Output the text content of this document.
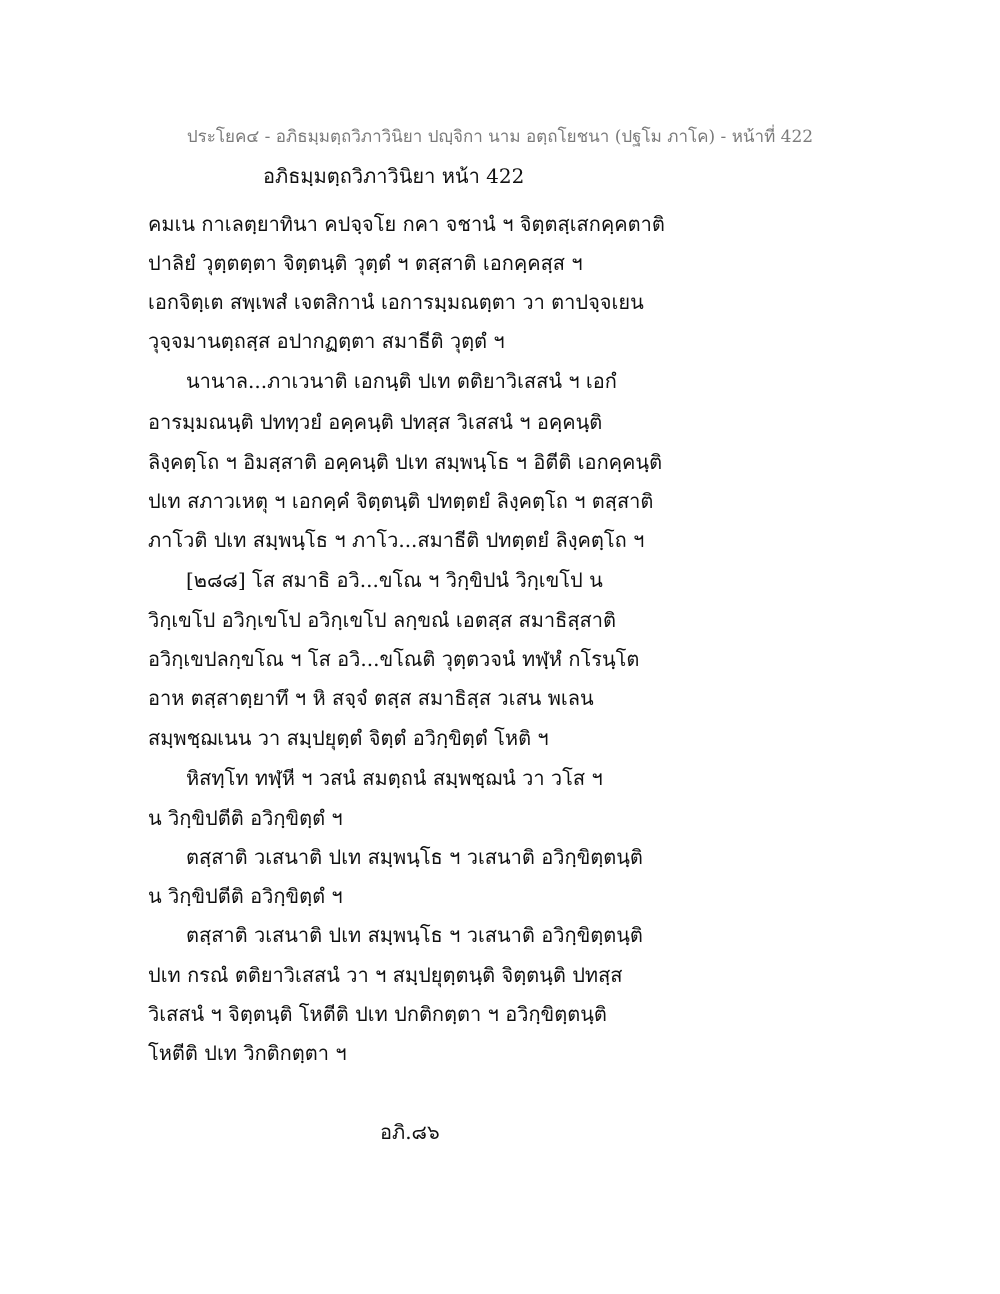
ประโยค๔ - อภิธมฺมตฺถวิภาวินิยา ปญฺจิกา นาม อตฺถโยชนา (ปฐโม ภาโค) - หน้าที่ 422
อภิธมฺมตฺถวิภาวินิยา หน้า 422
คมเน กาเลตฺยาทินา คปจฺจโย กคา จชานํ ฯ จิตฺตสฺเสกคฺคตาติ
ปาลิยํ วุตฺตตฺตา จิตฺตนฺติ วุตฺตํ ฯ ตสฺสาติ เอกคฺคสฺส ฯ
เอกจิตฺเต สพฺเพสํ เจตสิกานํ เอการมฺมณตฺตา วา ตาปจฺจเยน
วุจฺจมานตฺถสฺส อปากฏตฺตา สมาธีติ วุตฺตํ ฯ
นานาล...ภาเวนาติ เอกนฺติ ปเท ตติยาวิเสสนํ ฯ เอกํ
อารมฺมณนฺติ ปททฺวยํ อคฺคนฺติ ปทสฺส วิเสสนํ ฯ อคฺคนฺติ
ลิงฺคตฺโถ ฯ อิมสฺสาติ อคฺคนฺติ ปเท สมฺพนฺโธ ฯ อิตีติ เอกคฺคนฺติ
ปเท สภาวเหตุ ฯ เอกคฺคํ จิตฺตนฺติ ปทตฺตยํ ลิงฺคตฺโถ ฯ ตสฺสาติ
ภาโวติ ปเท สมฺพนฺโธ ฯ ภาโว...สมาธีติ ปทตฺตยํ ลิงฺคตฺโถ ฯ
[๒๘๘] โส สมาธิ อวิ...ขโณ ฯ วิกฺขิปนํ วิกฺเขโป น
วิกฺเขโป อวิกฺเขโป อวิกฺเขโป ลกฺขณํ เอตสฺส สมาธิสฺสาติ
อวิกฺเขปลกฺขโณ ฯ โส อวิ...ขโณติ วุตฺตวจนํ ทฬฺหํ กโรนฺโต
อาห ตสฺสาตฺยาทึ ฯ หิ สจฺจํ ตสฺส สมาธิสฺส วเสน พเลน
สมฺพชฺฌเนน วา สมฺปยุตฺตํ จิตฺตํ อวิกฺขิตฺตํ โหติ ฯ
หิสทฺโท ทฬฺหี ฯ วสนํ สมตฺถนํ สมฺพชฺฌนํ วา วโส ฯ
น วิกฺขิปตีติ อวิกฺขิตฺตํ ฯ
ตสฺสาติ วเสนาติ ปเท สมฺพนฺโธ ฯ วเสนาติ อวิกฺขิตฺตนฺติ
น วิกฺขิปตีติ อวิกฺขิตฺตํ ฯ
ตสฺสาติ วเสนาติ ปเท สมฺพนฺโธ ฯ วเสนาติ อวิกฺขิตฺตนฺติ
ปเท กรณํ ตติยาวิเสสนํ วา ฯ สมฺปยุตฺตนฺติ จิตฺตนฺติ ปทสฺส
วิเสสนํ ฯ จิตฺตนฺติ โหตีติ ปเท ปกติกตฺตา ฯ อวิกฺขิตฺตนฺติ
โหตีติ ปเท วิกติกตฺตา ฯ
อภิ.๘๖
